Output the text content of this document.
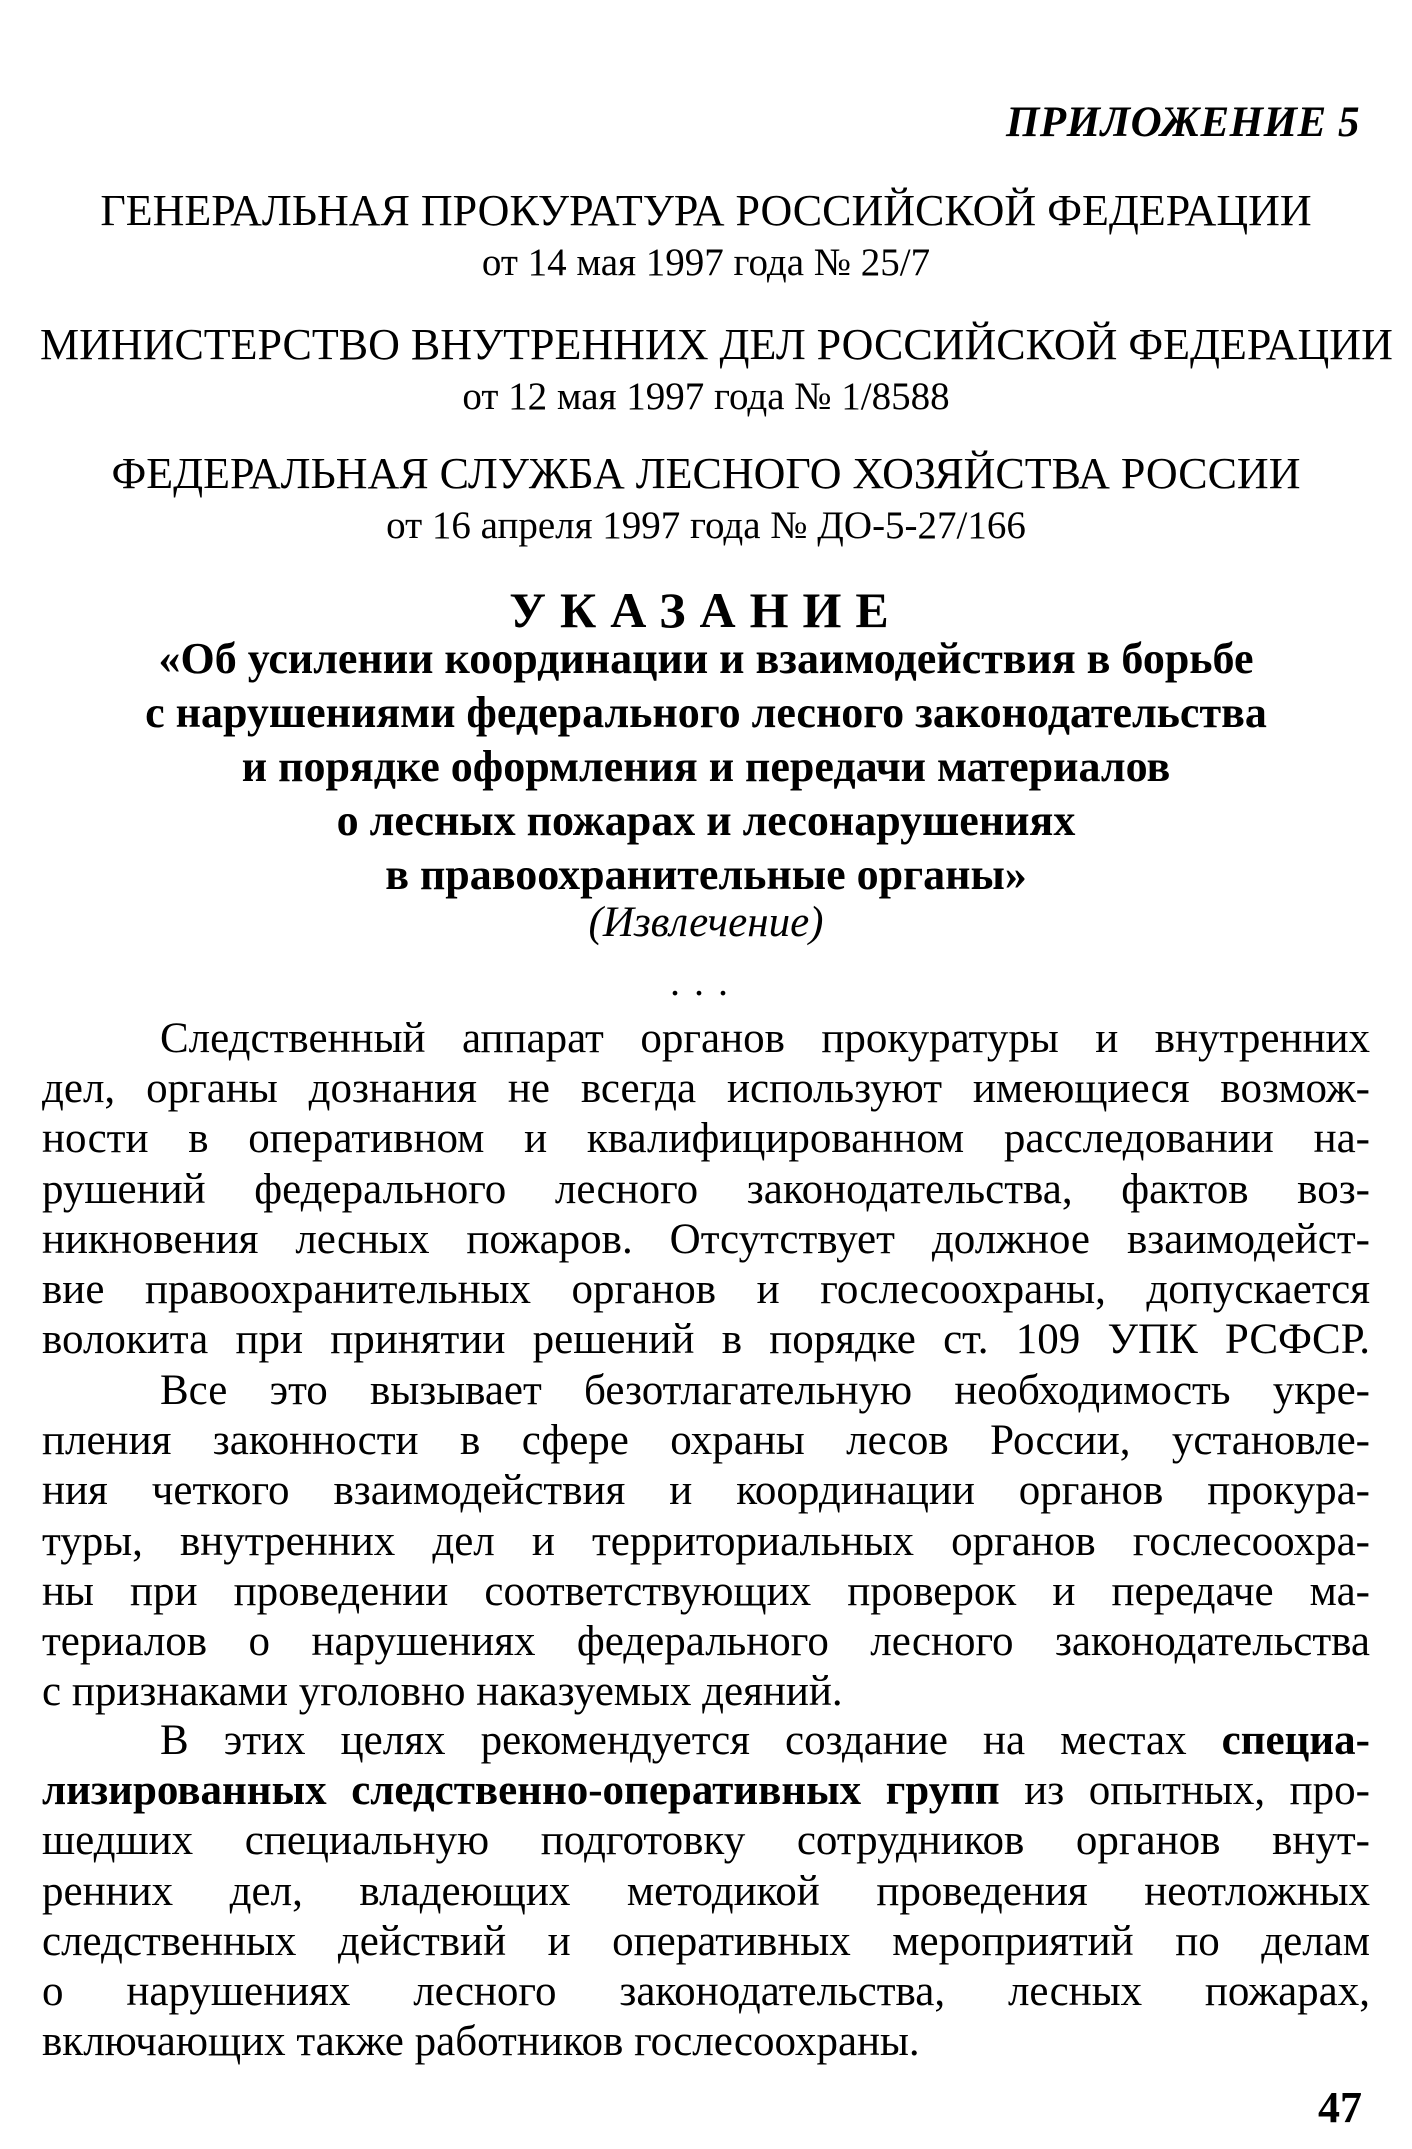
ПРИЛОЖЕНИЕ 5
ГЕНЕРАЛЬНАЯ ПРОКУРАТУРА РОССИЙСКОЙ ФЕДЕРАЦИИ
от 14 мая 1997 года № 25/7
МИНИСТЕРСТВО ВНУТРЕННИХ ДЕЛ РОССИЙСКОЙ ФЕДЕРАЦИИ
от 12 мая 1997 года № 1/8588
ФЕДЕРАЛЬНАЯ СЛУЖБА ЛЕСНОГО ХОЗЯЙСТВА РОССИИ
от 16 апреля 1997 года № ДО-5-27/166
УКАЗАНИЕ
«Об усилении координации и взаимодействия в борьбе
с нарушениями федерального лесного законодательства
и порядке оформления и передачи материалов
о лесных пожарах и лесонарушениях
в правоохранительные органы»
(Извлечение)
...
Следственный аппарат органов прокуратуры и внутренних
дел, органы дознания не всегда используют имеющиеся возмож-
ности в оперативном и квалифицированном расследовании на-
рушений федерального лесного законодательства, фактов воз-
никновения лесных пожаров. Отсутствует должное взаимодейст-
вие правоохранительных органов и гослесоохраны, допускается
волокита при принятии решений в порядке ст. 109 УПК РСФСР.
Все это вызывает безотлагательную необходимость укре-
пления законности в сфере охраны лесов России, установле-
ния четкого взаимодействия и координации органов прокура-
туры, внутренних дел и территориальных органов гослесоохра-
ны при проведении соответствующих проверок и передаче ма-
териалов о нарушениях федерального лесного законодательства
с признаками уголовно наказуемых деяний.
В этих целях рекомендуется создание на местах специа-
лизированных следственно-оперативных групп из опытных, про-
шедших специальную подготовку сотрудников органов внут-
ренних дел, владеющих методикой проведения неотложных
следственных действий и оперативных мероприятий по делам
о нарушениях лесного законодательства, лесных пожарах,
включающих также работников гослесоохраны.
47
